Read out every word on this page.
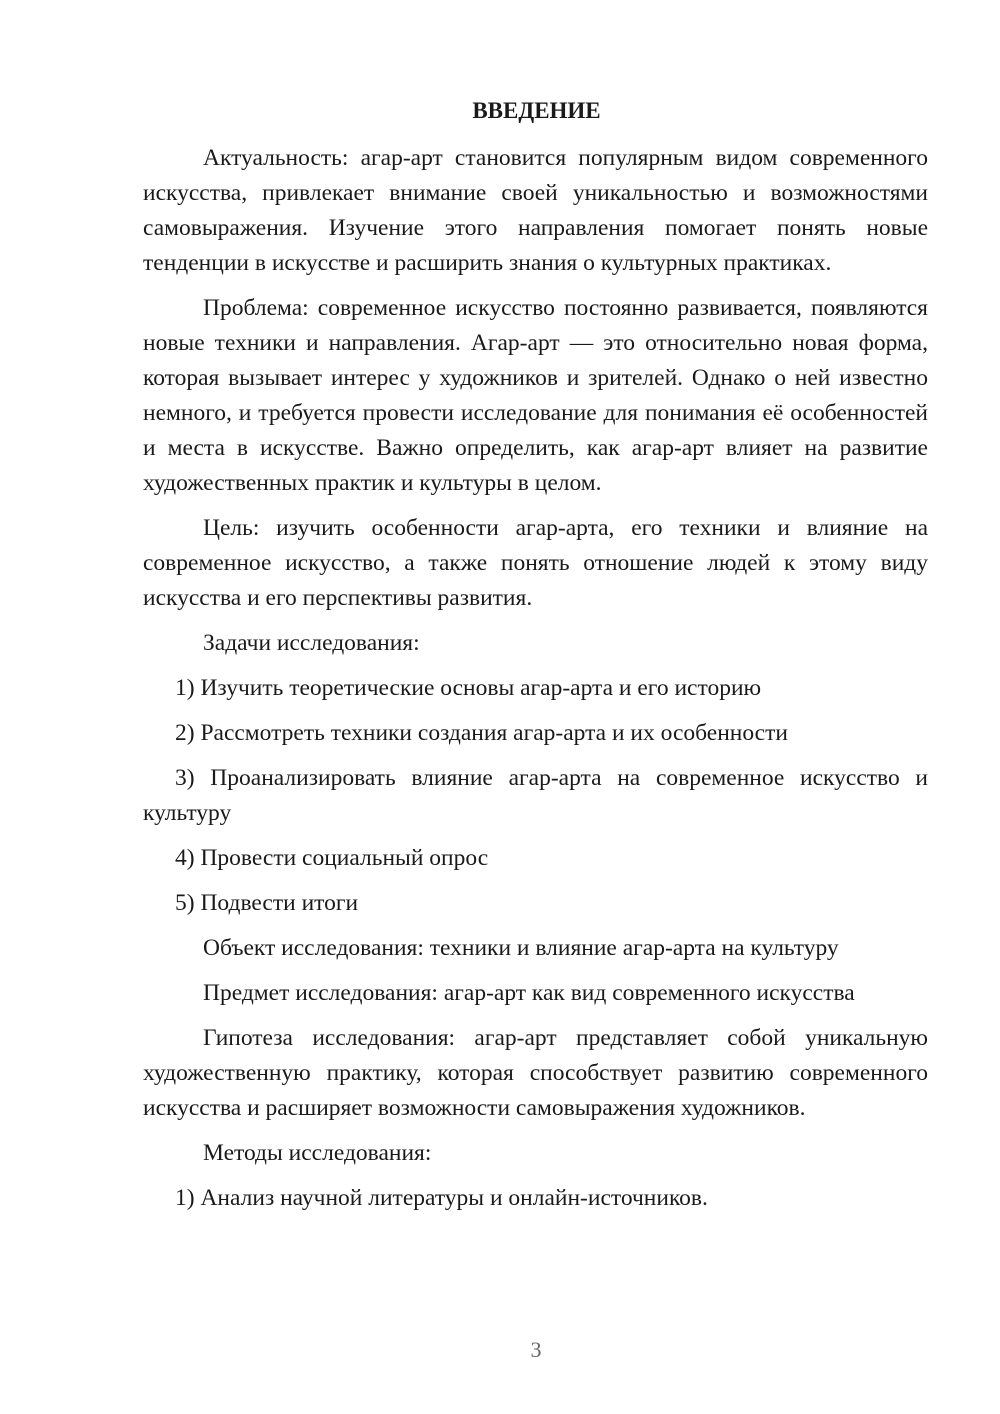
ВВЕДЕНИЕ

Актуальность: агар-арт становится популярным видом современного искусства, привлекает внимание своей уникальностью и возможностями самовыражения. Изучение этого направления помогает понять новые тенденции в искусстве и расширить знания о культурных практиках.

Проблема: современное искусство постоянно развивается, появляются новые техники и направления. Агар-арт — это относительно новая форма, которая вызывает интерес у художников и зрителей. Однако о ней известно немного, и требуется провести исследование для понимания её особенностей и места в искусстве. Важно определить, как агар-арт влияет на развитие художественных практик и культуры в целом.

Цель: изучить особенности агар-арта, его техники и влияние на современное искусство, а также понять отношение людей к этому виду искусства и его перспективы развития.

Задачи исследования:

1) Изучить теоретические основы агар-арта и его историю

2) Рассмотреть техники создания агар-арта и их особенности

3) Проанализировать влияние агар-арта на современное искусство и культуру

4) Провести социальный опрос

5) Подвести итоги

Объект исследования: техники и влияние агар-арта на культуру

Предмет исследования: агар-арт как вид современного искусства

Гипотеза исследования: агар-арт представляет собой уникальную художественную практику, которая способствует развитию современного искусства и расширяет возможности самовыражения художников.

Методы исследования:

1) Анализ научной литературы и онлайн-источников.

3
